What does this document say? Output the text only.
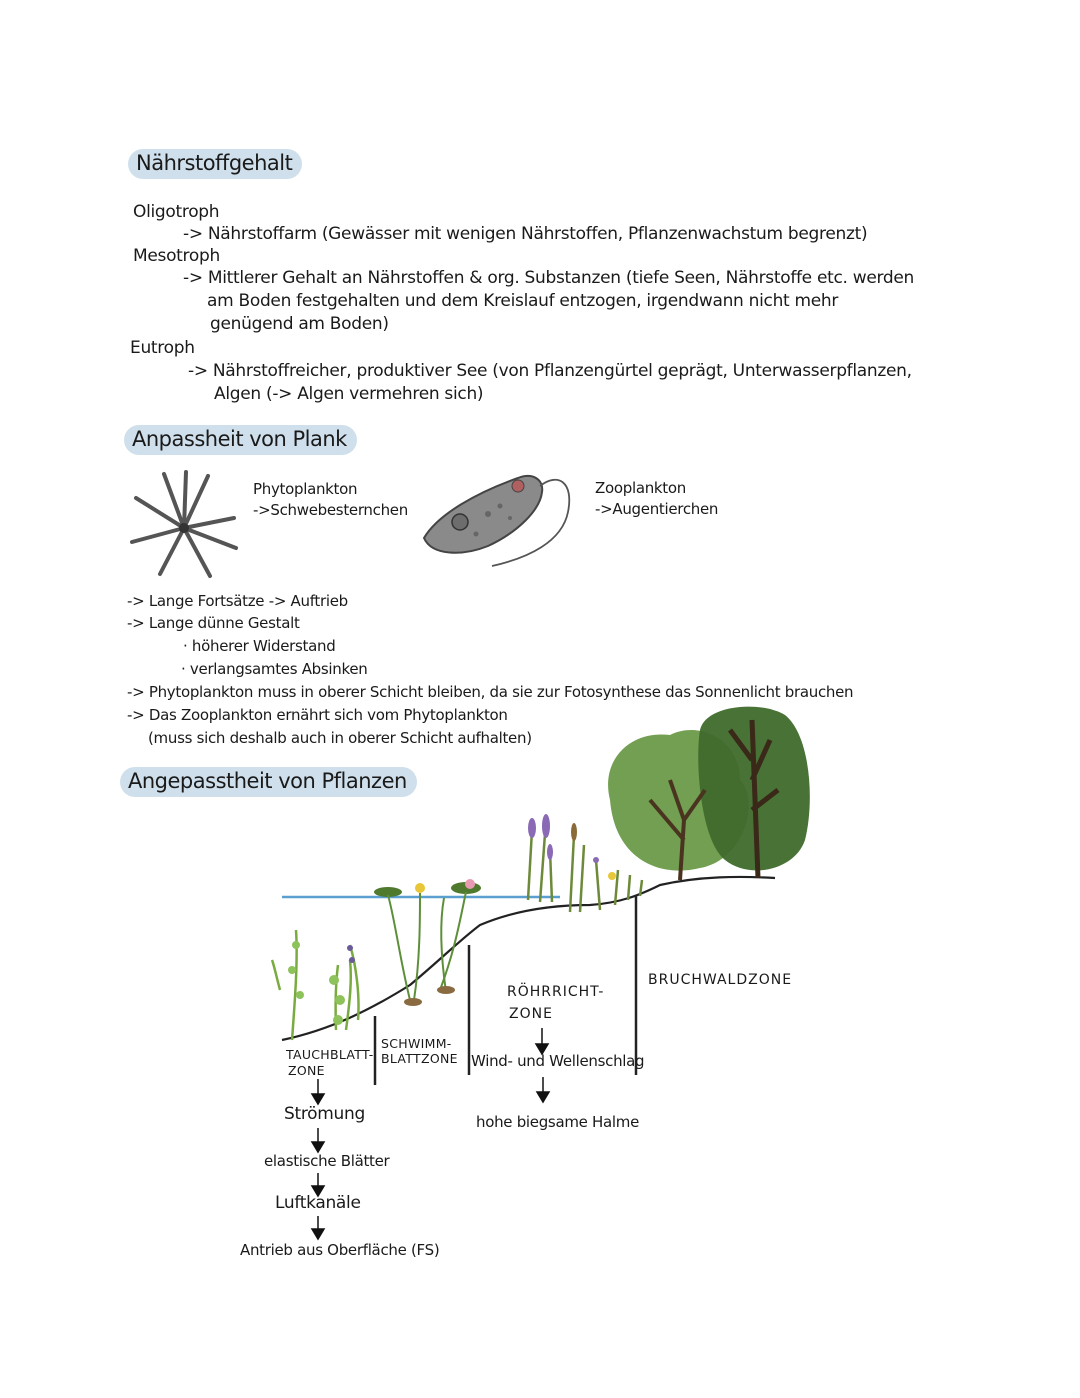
Nährstoffgehalt
Oligotroph
-> Nährstoffarm (Gewässer mit wenigen Nährstoffen, Pflanzenwachstum begrenzt)
Mesotroph
-> Mittlerer Gehalt an Nährstoffen & org. Substanzen (tiefe Seen, Nährstoffe etc. werden
am Boden festgehalten und dem Kreislauf entzogen, irgendwann nicht mehr
genügend am Boden)
Eutroph
-> Nährstoffreicher, produktiver See (von Pflanzengürtel geprägt, Unterwasserpflanzen,
Algen (-> Algen vermehren sich)
Anpassheit von Plank
Phytoplankton
->Schwebesternchen
Zooplankton
->Augentierchen
-> Lange Fortsätze -> Auftrieb
-> Lange dünne Gestalt
· höherer Widerstand
· verlangsamtes Absinken
-> Phytoplankton muss in oberer Schicht bleiben, da sie zur Fotosynthese das Sonnenlicht brauchen
-> Das Zooplankton ernährt sich vom Phytoplankton
(muss sich deshalb auch in oberer Schicht aufhalten)
Angepasstheit von Pflanzen
TAUCHBLATT-
ZONE
SCHWIMM-
BLATTZONE
RÖHRRICHT-
ZONE
BRUCHWALDZONE
Wind- und Wellenschlag
hohe biegsame Halme
Strömung
elastische Blätter
Luftkanäle
Antrieb aus Oberfläche (FS)
